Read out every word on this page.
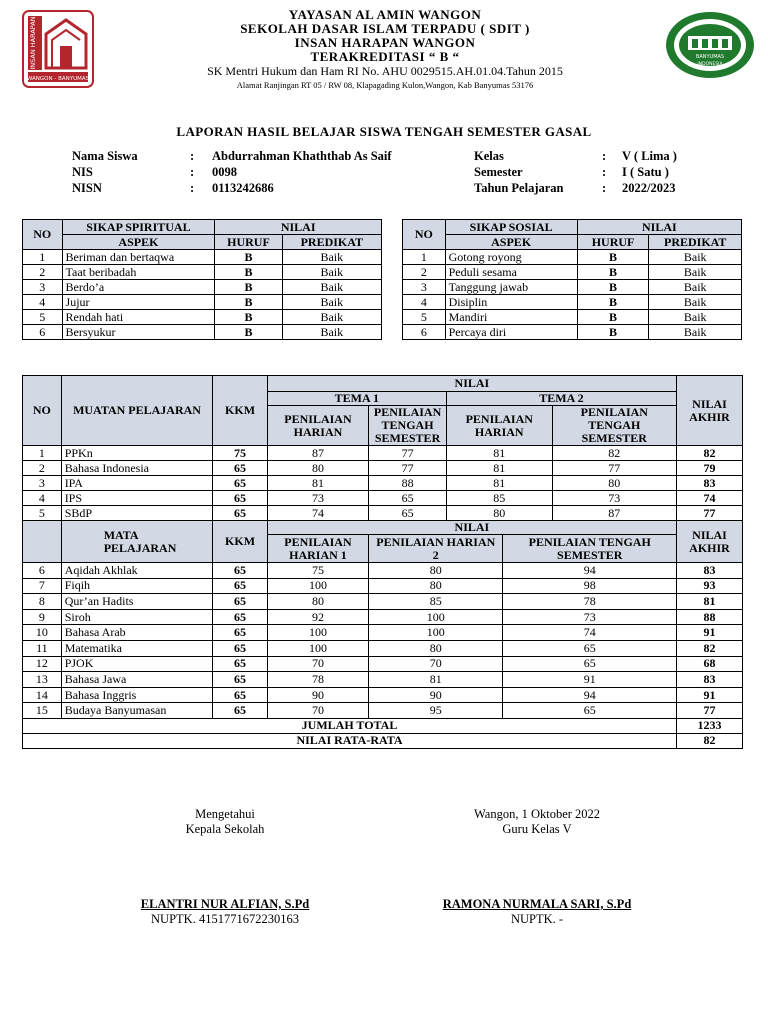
INSAN HARAPAN
WANGON - BANYUMAS
YAYASAN AL AMIN WANGON
SEKOLAH DASAR ISLAM TERPADU ( SDIT )
INSAN HARAPAN WANGON
TERAKREDITASI “ B “
SK Mentri Hukum dan Ham RI No. AHU 0029515.AH.01.04.Tahun 2015
Alamat Ranjingan RT 05 / RW 08, Klapagading Kulon,Wangon, Kab Banyumas 53176
BANYUMAS
INDONESIA
LAPORAN HASIL BELAJAR SISWA TENGAH SEMESTER GASAL
Nama Siswa	:	Abdurrahman Khaththab As Saif
NIS	:	0098
NISN	:	0113242686
Kelas	:	V ( Lima )
Semester	:	I ( Satu )
Tahun Pelajaran	:	2022/2023
NO	SIKAP SPIRITUAL	NILAI	
	ASPEK	HURUF	PREDIKAT
1	Beriman dan bertaqwa	B	Baik
2	Taat beribadah	B	Baik
3	Berdo’a	B	Baik
4	Jujur	B	Baik
5	Rendah hati	B	Baik
6	Bersyukur	B	Baik
NO	SIKAP SOSIAL	NILAI	
	ASPEK	HURUF	PREDIKAT
1	Gotong royong	B	Baik
2	Peduli sesama	B	Baik
3	Tanggung jawab	B	Baik
4	Disiplin	B	Baik
5	Mandiri	B	Baik
6	Percaya diri	B	Baik
NO	MUATAN PELAJARAN	KKM	NILAI					NILAI AKHIR
			TEMA 1		TEMA 2			
			PENILAIAN HARIAN	PENILAIAN TENGAH SEMESTER	PENILAIAN HARIAN		PENILAIAN TENGAH SEMESTER	
1	PPKn	75	87	77	81		82	82
2	Bahasa Indonesia	65	80	77	81		77	79
3	IPA	65	81	88	81		80	83
4	IPS	65	73	65	85		73	74
5	SBdP	65	74	65	80		87	77
	MATA PELAJARAN	KKM	NILAI					NILAI AKHIR
			PENILAIAN HARIAN 1	PENILAIAN HARIAN 2		PENILAIAN TENGAH SEMESTER		
6	Aqidah Akhlak	65	75	80		94		83
7	Fiqih	65	100	80		98		93
8	Qur’an Hadits	65	80	85		78		81
9	Siroh	65	92	100		73		88
10	Bahasa Arab	65	100	100		74		91
11	Matematika	65	100	80		65		82
12	PJOK	65	70	70		65		68
13	Bahasa Jawa	65	78	81		91		83
14	Bahasa Inggris	65	90	90		94		91
15	Budaya Banyumasan	65	70	95		65		77
JUMLAH TOTAL								1233
NILAI RATA-RATA								82
Mengetahui
Kepala Sekolah
ELANTRI NUR ALFIAN, S.Pd
NUPTK. 4151771672230163
Wangon, 1 Oktober 2022
Guru Kelas V
RAMONA NURMALA SARI, S.Pd
NUPTK. -
